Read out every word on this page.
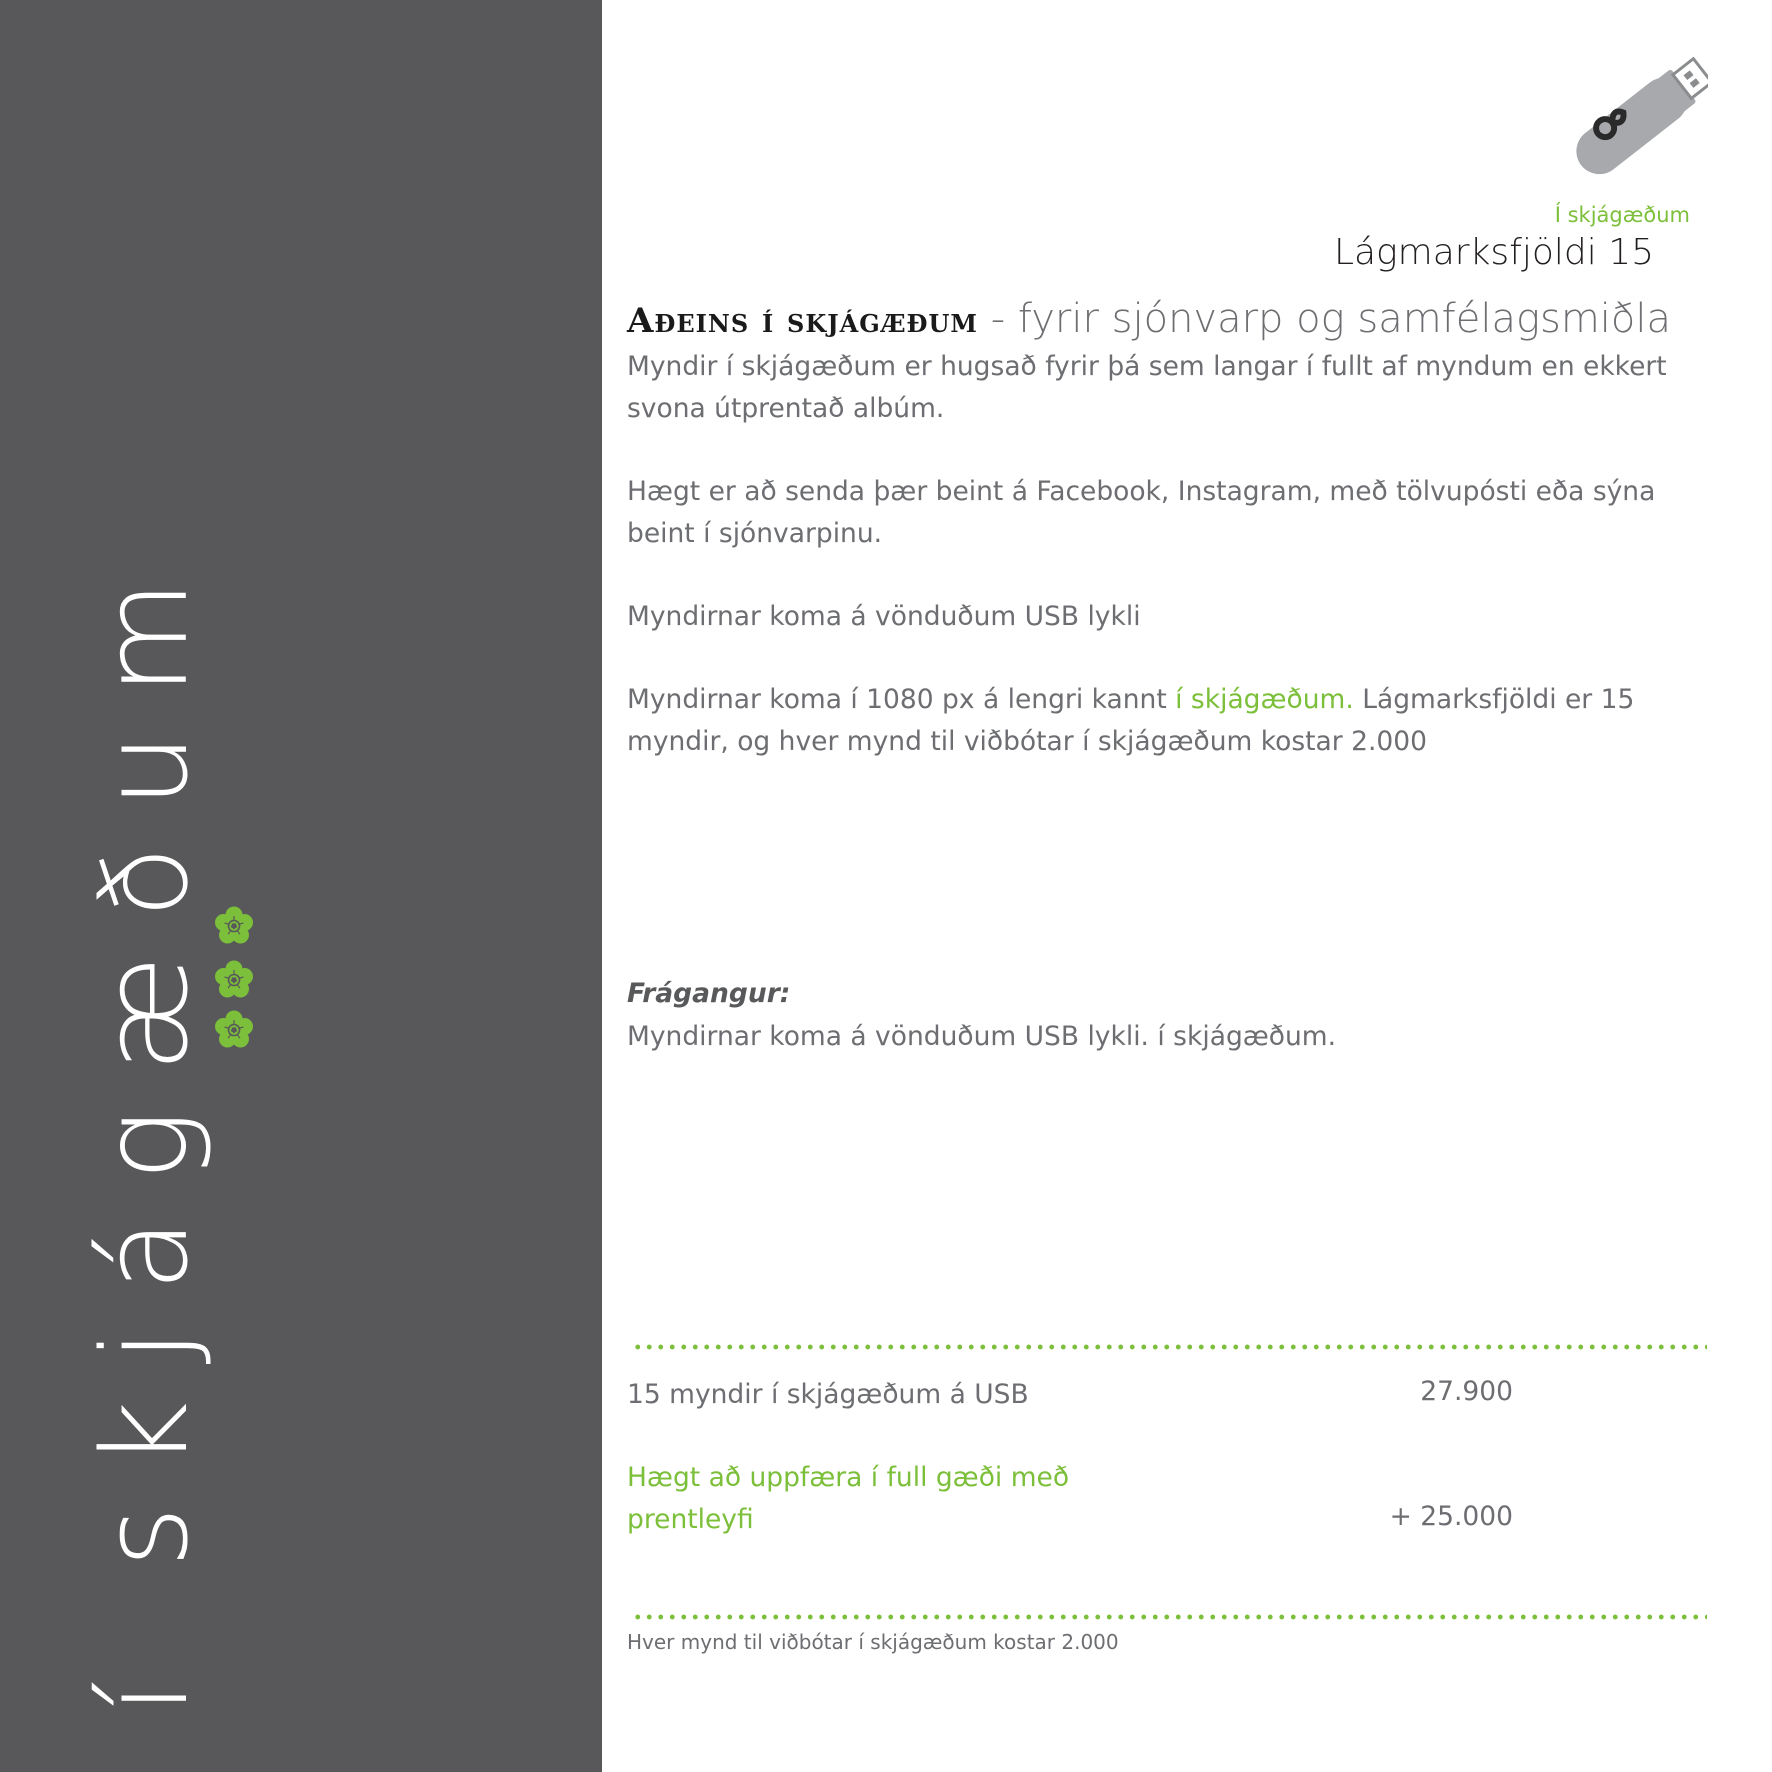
í skjágæðum
Í skjágæðum
Lágmarksfjöldi 15
Aðeins í skjágæðum - fyrir sjónvarp og samfélagsmiðla
Myndir í skjágæðum er hugsað fyrir þá sem langar í fullt af myndum en ekkert svona útprentað albúm.
Hægt er að senda þær beint á Facebook, Instagram, með tölvupósti eða sýna beint í sjónvarpinu.
Myndirnar koma á vönduðum USB lykli
Myndirnar koma í 1080 px á lengri kannt í skjágæðum. Lágmarksfjöldi er 15 myndir, og hver mynd til viðbótar í skjágæðum kostar 2.000
Frágangur:
Myndirnar koma á vönduðum USB lykli. í skjágæðum.
15 myndir í skjágæðum á USB	27.900
Hægt að uppfæra í full gæði með prentleyfi	+ 25.000
Hver mynd til viðbótar í skjágæðum kostar 2.000
